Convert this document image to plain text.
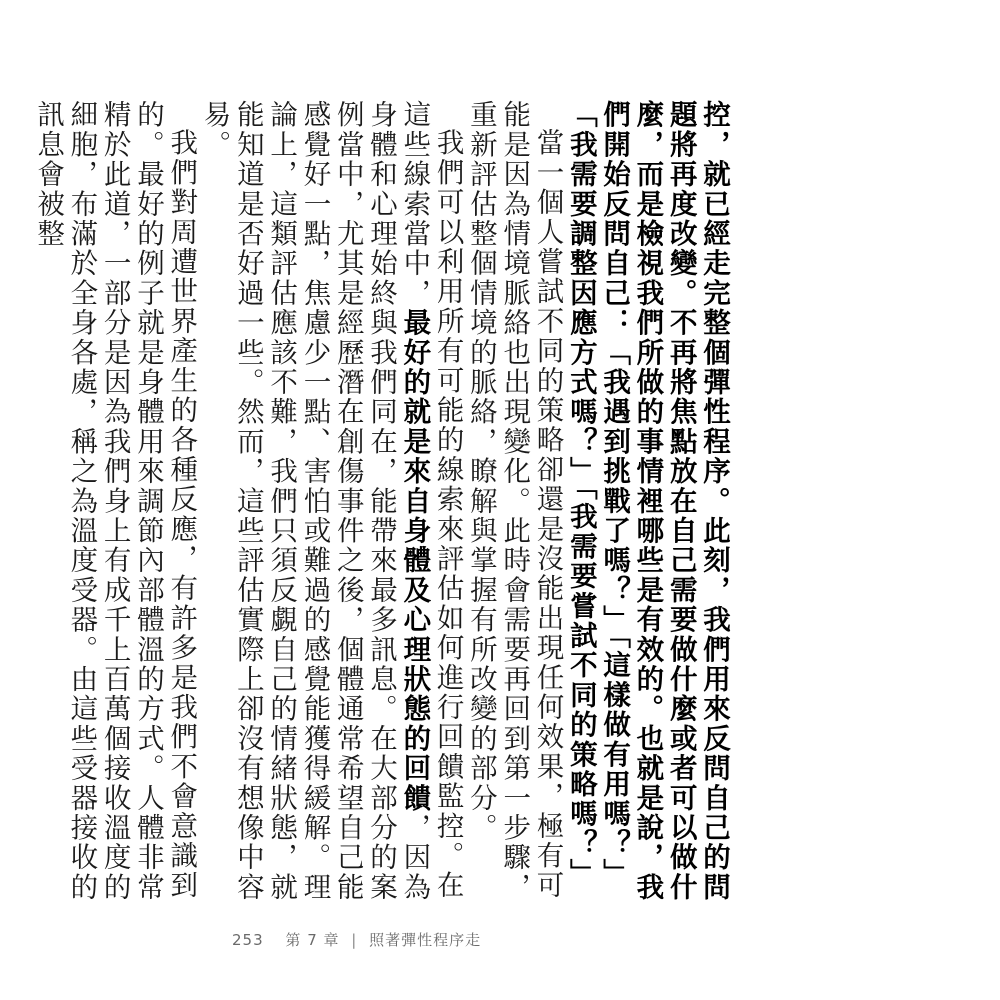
控，就已經走完整個彈性程序。此刻，我們用來反問自己的問題將再度改變。不再將焦點放在自己需要做什麼或者可以做什麼，而是檢視我們所做的事情裡哪些是有效的。也就是說，我們開始反問自己：「我遇到挑戰了嗎？」「這樣做有用嗎？」「我需要調整因應方式嗎？」「我需要嘗試不同的策略嗎？」

當一個人嘗試不同的策略卻還是沒能出現任何效果，極有可能是因為情境脈絡也出現變化。此時會需要再回到第一步驟，重新評估整個情境的脈絡，瞭解與掌握有所改變的部分。

我們可以利用所有可能的線索來評估如何進行回饋監控。在這些線索當中，最好的就是來自身體及心理狀態的回饋，因為身體和心理始終與我們同在，能帶來最多訊息。在大部分的案例當中，尤其是經歷潛在創傷事件之後，個體通常希望自己能感覺好一點，焦慮少一點、害怕或難過的感覺能獲得緩解。理論上，這類評估應該不難，我們只須反覷自己的情緒狀態，就能知道是否好過一些。然而，這些評估實際上卻沒有想像中容易。

我們對周遭世界產生的各種反應，有許多是我們不會意識到的。最好的例子就是身體用來調節內部體溫的方式。人體非常精於此道，一部分是因為我們身上有成千上百萬個接收溫度的細胞，布滿於全身各處，稱之為溫度受器。由這些受器接收的訊息會被整

253 第 7 章 | 照著彈性程序走
